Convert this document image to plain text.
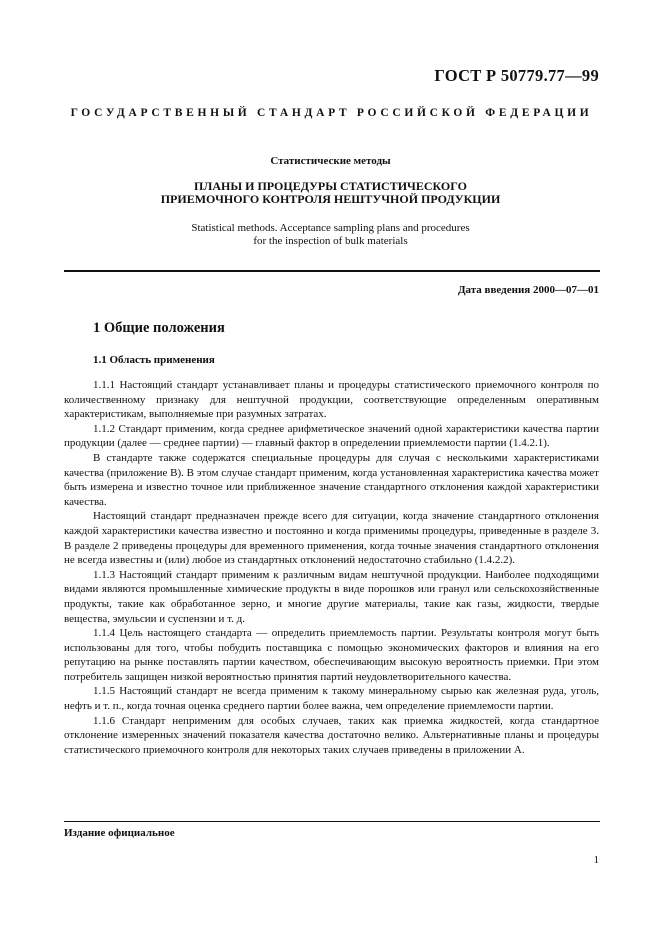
ГОСТ Р 50779.77—99
ГОСУДАРСТВЕННЫЙ СТАНДАРТ РОССИЙСКОЙ ФЕДЕРАЦИИ
Статистические методы
ПЛАНЫ И ПРОЦЕДУРЫ СТАТИСТИЧЕСКОГО
ПРИЕМОЧНОГО КОНТРОЛЯ НЕШТУЧНОЙ ПРОДУКЦИИ
Statistical methods. Acceptance sampling plans and procedures
for the inspection of bulk materials
Дата введения 2000—07—01
1 Общие положения
1.1 Область применения

1.1.1 Настоящий стандарт устанавливает планы и процедуры статистического приемочного контроля по количественному признаку для нештучной продукции, соответствующие определенным оперативным характеристикам, выполняемые при разумных затратах.

1.1.2 Стандарт применим, когда среднее арифметическое значений одной характеристики качества партии продукции (далее — среднее партии) — главный фактор в определении приемлемости партии (1.4.2.1).

В стандарте также содержатся специальные процедуры для случая с несколькими характеристиками качества (приложение В). В этом случае стандарт применим, когда установленная характеристика качества может быть измерена и известно точное или приближенное значение стандартного отклонения каждой характеристики качества.

Настоящий стандарт предназначен прежде всего для ситуации, когда значение стандартного отклонения каждой характеристики качества известно и постоянно и когда применимы процедуры, приведенные в разделе 3. В разделе 2 приведены процедуры для временного применения, когда точные значения стандартного отклонения не всегда известны и (или) любое из стандартных отклонений недостаточно стабильно (1.4.2.2).

1.1.3 Настоящий стандарт применим к различным видам нештучной продукции. Наиболее подходящими видами являются промышленные химические продукты в виде порошков или гранул или сельскохозяйственные продукты, такие как обработанное зерно, и многие другие материалы, такие как газы, жидкости, твердые вещества, эмульсии и суспензии и т. д.

1.1.4 Цель настоящего стандарта — определить приемлемость партии. Результаты контроля могут быть использованы для того, чтобы побудить поставщика с помощью экономических факторов и влияния на его репутацию на рынке поставлять партии качеством, обеспечивающим высокую вероятность приемки. При этом потребитель защищен низкой вероятностью принятия партий неудовлетворительного качества.

1.1.5 Настоящий стандарт не всегда применим к такому минеральному сырью как железная руда, уголь, нефть и т. п., когда точная оценка среднего партии более важна, чем определение приемлемости партии.

1.1.6 Стандарт неприменим для особых случаев, таких как приемка жидкостей, когда стандартное отклонение измеренных значений показателя качества достаточно велико. Альтернативные планы и процедуры статистического приемочного контроля для некоторых таких случаев приведены в приложении А.

Издание официальное
1
